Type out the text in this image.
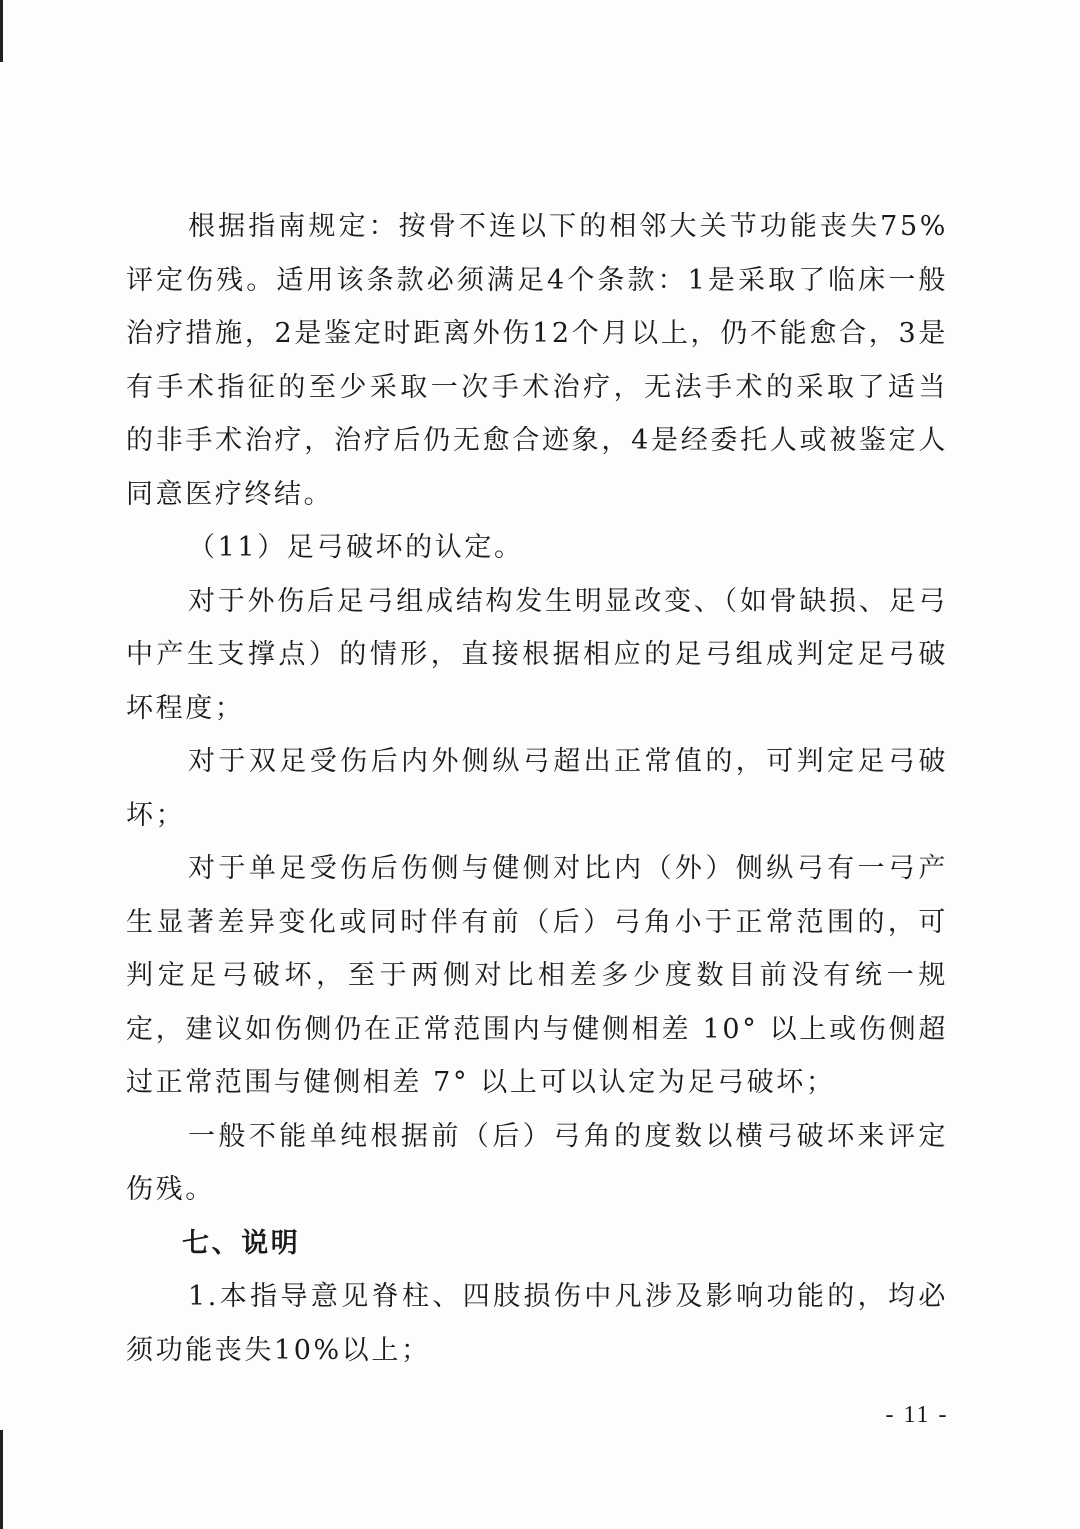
根据指南规定：按骨不连以下的相邻大关节功能丧失75%评定伤残。适用该条款必须满足4个条款：1是采取了临床一般治疗措施，2是鉴定时距离外伤12个月以上，仍不能愈合，3是有手术指征的至少采取一次手术治疗，无法手术的采取了适当的非手术治疗，治疗后仍无愈合迹象，4是经委托人或被鉴定人同意医疗终结。

（11）足弓破坏的认定。

对于外伤后足弓组成结构发生明显改变、（如骨缺损、足弓中产生支撑点）的情形，直接根据相应的足弓组成判定足弓破坏程度；

对于双足受伤后内外侧纵弓超出正常值的，可判定足弓破坏；

对于单足受伤后伤侧与健侧对比内（外）侧纵弓有一弓产生显著差异变化或同时伴有前（后）弓角小于正常范围的，可判定足弓破坏，至于两侧对比相差多少度数目前没有统一规定，建议如伤侧仍在正常范围内与健侧相差 10° 以上或伤侧超过正常范围与健侧相差 7° 以上可以认定为足弓破坏；

一般不能单纯根据前（后）弓角的度数以横弓破坏来评定伤残。

七、说明

1.本指导意见脊柱、四肢损伤中凡涉及影响功能的，均必须功能丧失10%以上；

- 11 -
